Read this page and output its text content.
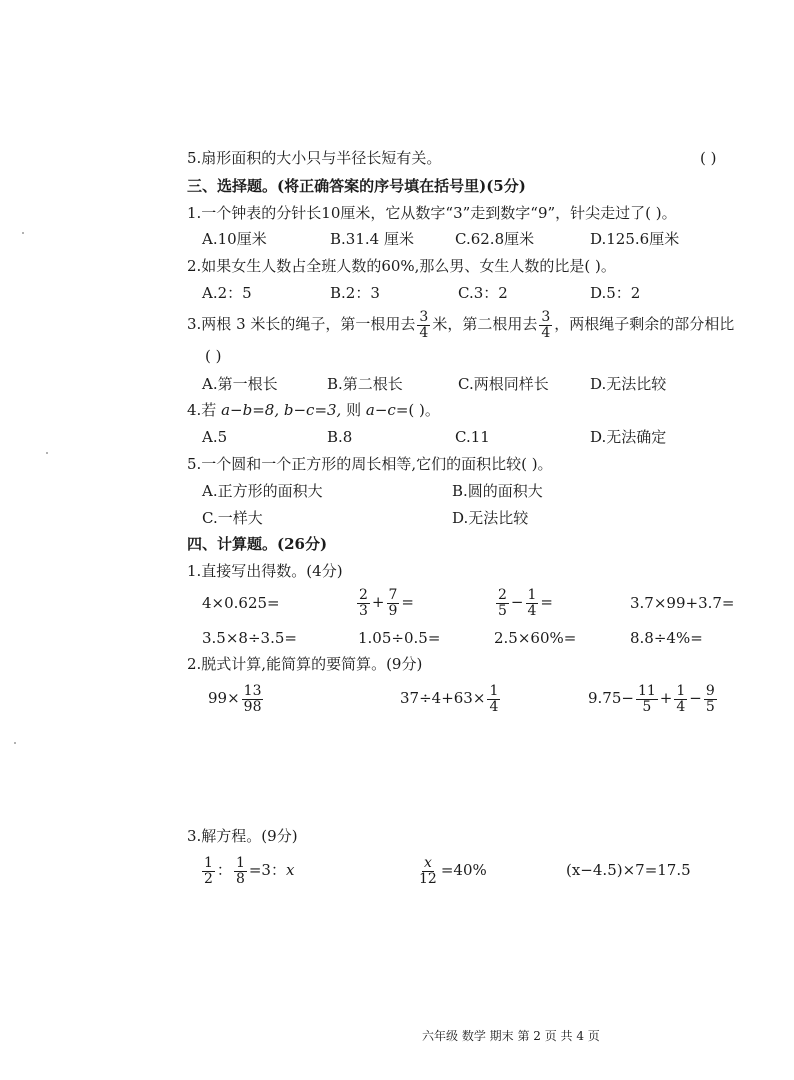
5.扇形面积的大小只与半径长短有关。	( )
三、选择题。(将正确答案的序号填在括号里)(5分)
1.一个钟表的分针长10厘米，它从数字“3”走到数字“9”，针尖走过了( )。
A.10厘米	B.31.4 厘米	C.62.8厘米	D.125.6厘米
2.如果女生人数占全班人数的60%,那么男、女生人数的比是( )。
A.2：5	B.2：3	C.3：2	D.5：2
3.两根 3 米长的绳子，第一根用去 $\frac{3}{4}$ 米，第二根用去 $\frac{3}{4}$ ，两根绳子剩余的部分相比
( )
A.第一根长	B.第二根长	C.两根同样长	D.无法比较
4.若 a−b=8, b−c=3, 则 a−c=( )。
A.5	B.8	C.11	D.无法确定
5.一个圆和一个正方形的周长相等,它们的面积比较( )。
A.正方形的面积大	B.圆的面积大
C.一样大	D.无法比较
四、计算题。(26分)
1.直接写出得数。(4分)
4×0.625=	$\frac{2}{3} + \frac{7}{9}$ =	$\frac{2}{5} - \frac{1}{4}$ =	3.7×99+3.7=
3.5×8÷3.5=	1.05÷0.5=	2.5×60%=	8.8÷4%=
2.脱式计算,能简算的要简算。(9分)
$99\times \frac{13}{98}$	$37\div 4+63\times \frac{1}{4}$	$9.75- \frac{11}{5} + \frac{1}{4} - \frac{9}{5}$
3.解方程。(9分)
$\frac{1}{2}$ ： $\frac{1}{8} =3$：x	$\frac{x}{12} =40\%$	(x−4.5)×7=17.5
六年级 数学 期末 第 2 页 共 4 页
